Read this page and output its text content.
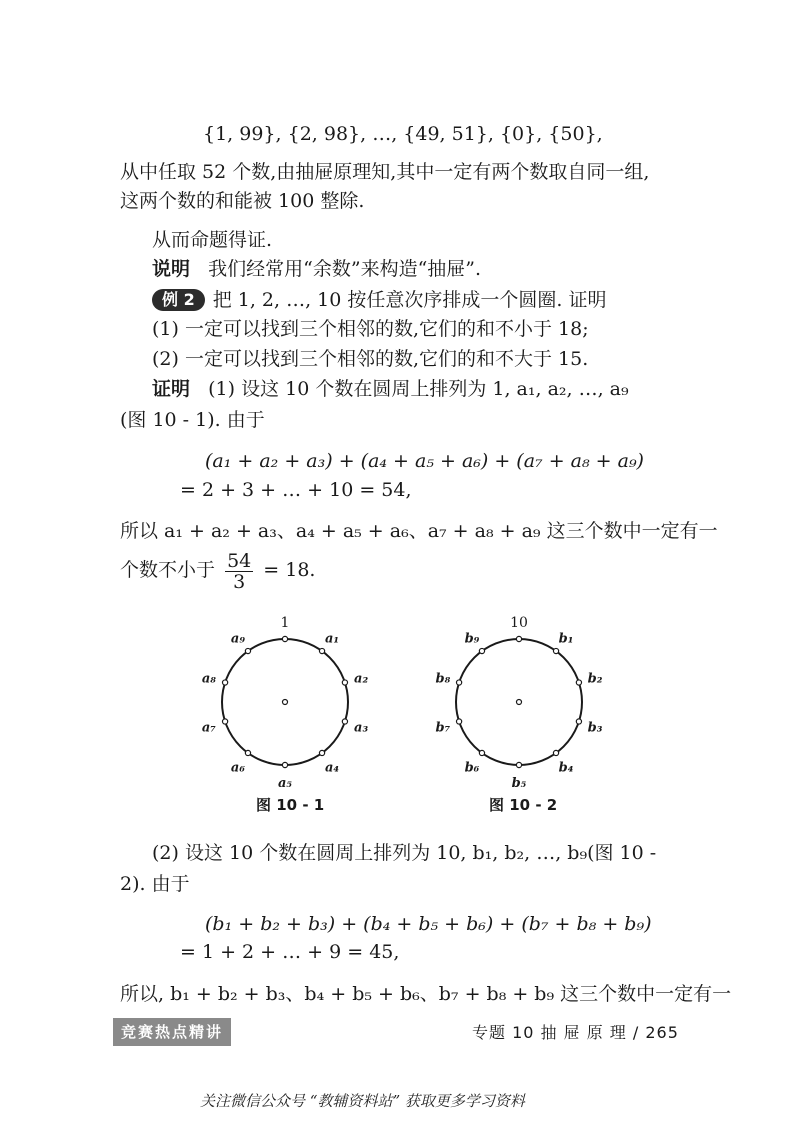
{1, 99}, {2, 98}, …, {49, 51}, {0}, {50},
从中任取 52 个数,由抽屉原理知,其中一定有两个数取自同一组,
这两个数的和能被 100 整除.
从而命题得证.
说明 我们经常用“余数”来构造“抽屉”.
例 2 把 1, 2, …, 10 按任意次序排成一个圆圈. 证明
(1) 一定可以找到三个相邻的数,它们的和不小于 18;
(2) 一定可以找到三个相邻的数,它们的和不大于 15.
证明 (1) 设这 10 个数在圆周上排列为 1, a₁, a₂, …, a₉
(图 10 - 1). 由于
(a₁ + a₂ + a₃) + (a₄ + a₅ + a₆) + (a₇ + a₈ + a₉)
= 2 + 3 + … + 10 = 54,
所以 a₁ + a₂ + a₃、a₄ + a₅ + a₆、a₇ + a₈ + a₉ 这三个数中一定有一
个数不小于 $\frac{54}{3} = 18$.
1
a₁
a₂
a₃
a₄
a₅
a₆
a₇
a₈
a₉
图 10 - 1
10
b₁
b₂
b₃
b₄
b₅
b₆
b₇
b₈
b₉
图 10 - 2
(2) 设这 10 个数在圆周上排列为 10, b₁, b₂, …, b₉(图 10 -
2). 由于
(b₁ + b₂ + b₃) + (b₄ + b₅ + b₆) + (b₇ + b₈ + b₉)
= 1 + 2 + … + 9 = 45,
所以, b₁ + b₂ + b₃、b₄ + b₅ + b₆、b₇ + b₈ + b₉ 这三个数中一定有一
竞赛热点精讲	专题 10 抽 屉 原 理 / 265
关注微信公众号 “教辅资料站” 获取更多学习资料
